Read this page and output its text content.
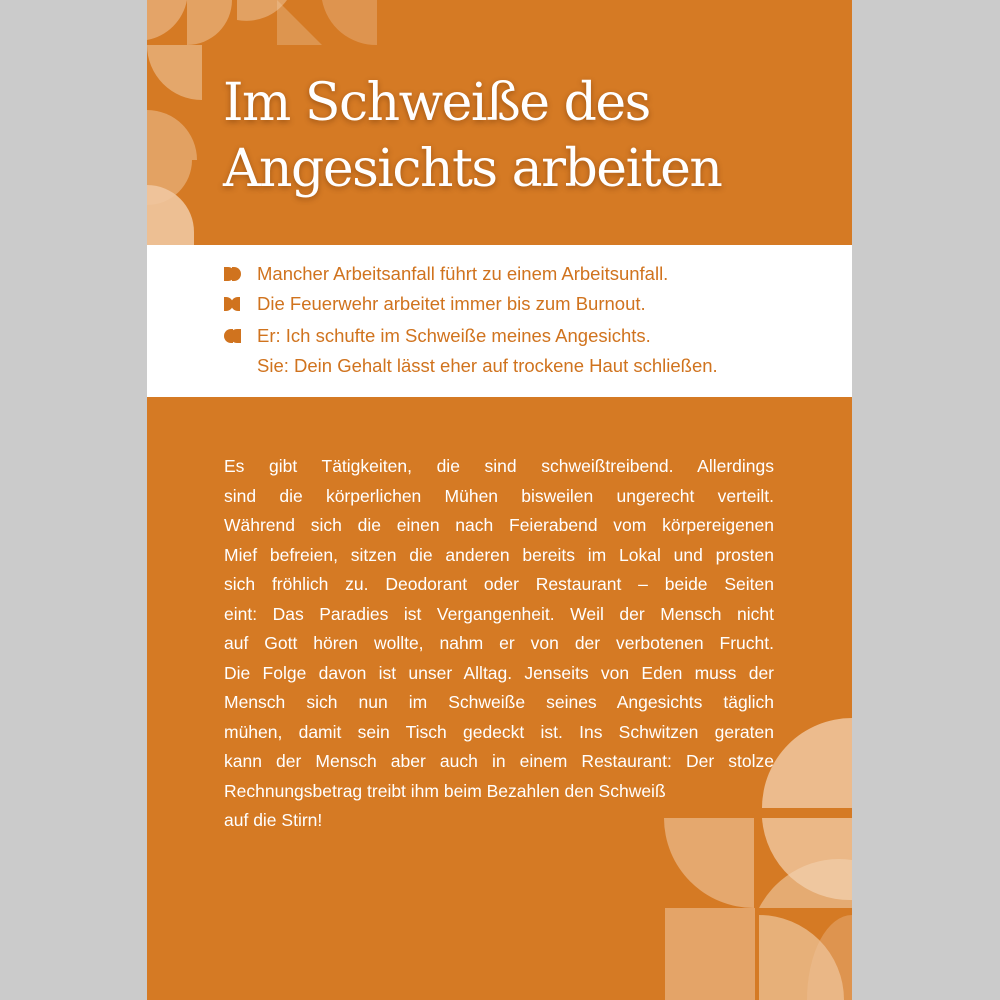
Im Schweiße des
Angesichts arbeiten
Mancher Arbeitsanfall führt zu einem Arbeitsunfall.
Die Feuerwehr arbeitet immer bis zum Burnout.
Er: Ich schufte im Schweiße meines Angesichts.
Sie: Dein Gehalt lässt eher auf trockene Haut schließen.

Es gibt Tätigkeiten, die sind schweißtreibend. Allerdings
sind die körperlichen Mühen bisweilen ungerecht verteilt.
Während sich die einen nach Feierabend vom körpereigenen
Mief befreien, sitzen die anderen bereits im Lokal und prosten
sich fröhlich zu. Deodorant oder Restaurant – beide Seiten
eint: Das Paradies ist Vergangenheit. Weil der Mensch nicht
auf Gott hören wollte, nahm er von der verbotenen Frucht.
Die Folge davon ist unser Alltag. Jenseits von Eden muss der
Mensch sich nun im Schweiße seines Angesichts täglich
mühen, damit sein Tisch gedeckt ist. Ins Schwitzen geraten
kann der Mensch aber auch in einem Restaurant: Der stolze
Rechnungsbetrag treibt ihm beim Bezahlen den Schweiß
auf die Stirn!
